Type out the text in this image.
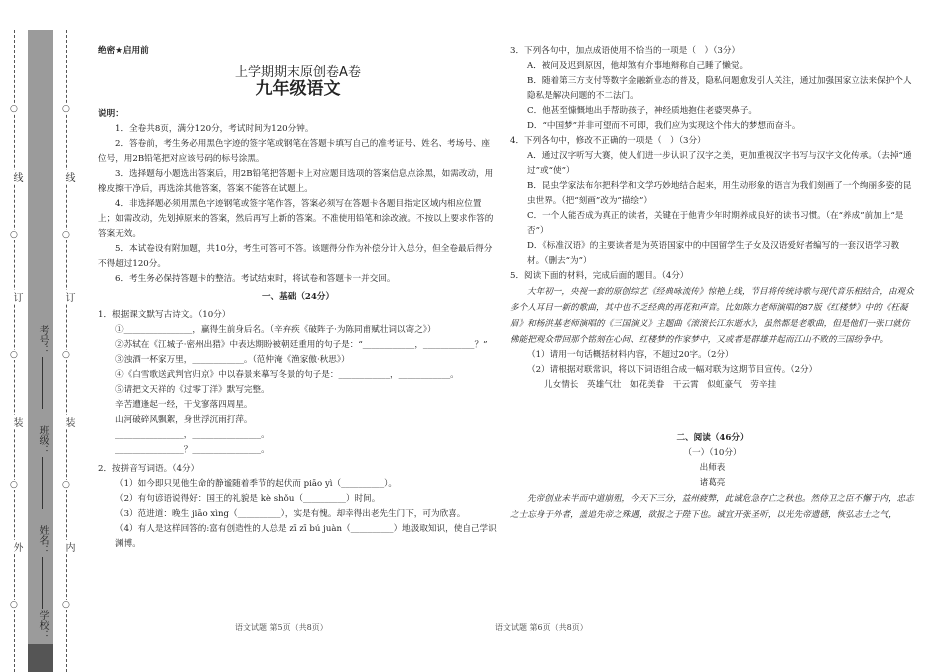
○
○
○
○
○
○
○
○
○
○
线
订
装
外	内
线
订
装
考号：
班级：
姓名：
学校：

绝密★启用前

上学期期末原创卷A卷

九年级语文

说明：

1．全卷共8页，满分120分，考试时间为120分钟。

2．答卷前，考生务必用黑色字迹的签字笔或钢笔在答题卡填写自己的准考证号、姓名、考场号、座位号，用2B铅笔把对应该号码的标号涂黑。

3．选择题每小题选出答案后，用2B铅笔把答题卡上对应题目选项的答案信息点涂黑，如需改动，用橡皮擦干净后，再选涂其他答案，答案不能答在试题上。

4．非选择题必须用黑色字迹钢笔或签字笔作答，答案必须写在答题卡各题目指定区域内相应位置上；如需改动，先划掉原来的答案，然后再写上新的答案。不准使用铅笔和涂改液。不按以上要求作答的答案无效。

5．本试卷设有附加题，共10分，考生可答可不答。该题得分作为补偿分计入总分，但全卷最后得分不得超过120分。

6．考生务必保持答题卡的整洁。考试结束时，将试卷和答题卡一并交回。

一、基础（24分）

1．根据课文默写古诗文。（10分）

①________________，赢得生前身后名。（辛弃疾《破阵子·为陈同甫赋壮词以寄之》）

②苏轼在《江城子·密州出猎》中表达期盼被朝廷重用的句子是：“____________，____________？”

③浊酒一杯家万里，____________。（范仲淹《渔家傲·秋思》）

④《白雪歌送武判官归京》中以春景来摹写冬景的句子是：____________，____________。

⑤请把文天祥的《过零丁洋》默写完整。

辛苦遭逢起一经，干戈寥落四周星。

山河破碎风飘絮，身世浮沉雨打萍。

________________，________________。

________________？________________。

2．按拼音写词语。（4分）

（1）如今即只见他生命的静谧随着季节的起伏而 piāo yì（__________）。

（2）有句谚语说得好：国王的礼貌是 kè shǒu（__________）时间。

（3）范进道：晚生 jiāo xìng（__________），实是有愧。却幸得出老先生门下，可为欣喜。

（4）有人是这样回答的:富有创造性的人总是 zī zī bú juàn（__________）地汲取知识，使自己学识渊博。

3．下列各句中，加点成语使用不恰当的一项是（　）（3分）

A．被问及迟到原因，他却煞有介事地辩称自己睡了懒觉。

B．随着第三方支付等数字金融新业态的普及，隐私问题愈发引人关注，通过加强国家立法来保护个人隐私是解决问题的不二法门。

C．他甚至慷慨地出手帮助孩子，神经质地抱住老婆哭鼻子。

D．“中国梦”并非可望而不可即，我们应为实现这个伟大的梦想而奋斗。

4．下列各句中，修改不正确的一项是（　）（3分）

A．通过汉字听写大赛，使人们进一步认识了汉字之美，更加重视汉字书写与汉字文化传承。（去掉“通过”或“使”）

B．昆虫学家法布尔把科学和文学巧妙地结合起来，用生动形象的语言为我们刻画了一个绚丽多姿的昆虫世界。（把“刻画”改为“描绘”）

C．一个人能否成为真正的读者，关键在于他青少年时期养成良好的读书习惯。（在“养成”前加上“是否”）

D．《标准汉语》的主要读者是为英语国家中的中国留学生子女及汉语爱好者编写的一套汉语学习教材。（删去“为”）

5．阅读下面的材料，完成后面的题目。（4分）

大年初一，央视一套的原创综艺《经典咏流传》惊艳上线，节目将传统诗歌与现代音乐相结合，由观众多个人耳目一新的歌曲，其中也不乏经典的再花和声音。比如陈力老师演唱的87版《红楼梦》中的《枉凝眉》和杨洪基老师演唱的《三国演义》主题曲《滚滚长江东逝水》，虽然都是老歌曲，但是他们一张口就仿佛能把观众带回那个铭刻在心间、红楼梦的作家梦中，又或者是群雄并起而江山不败的三国纷争中。

（1）请用一句话概括材料内容，不超过20字。（2分）

（2）请根据对联常识，将以下词语组合成一幅对联为这期节目宣传。（2分）

儿女情长　英雄气壮　如花美眷　干云霄　似虹豪气　劳辛挂

二、阅读（46分）

（一）（10分）

出师表

诸葛亮

先帝创业未半而中道崩殂，今天下三分，益州疲弊，此诚危急存亡之秋也。然侍卫之臣不懈于内，忠志之士忘身于外者，盖追先帝之殊遇，欲报之于陛下也。诚宜开张圣听，以光先帝遗德，恢弘志士之气，

语文试题 第5页（共8页）	语文试题 第6页（共8页）
